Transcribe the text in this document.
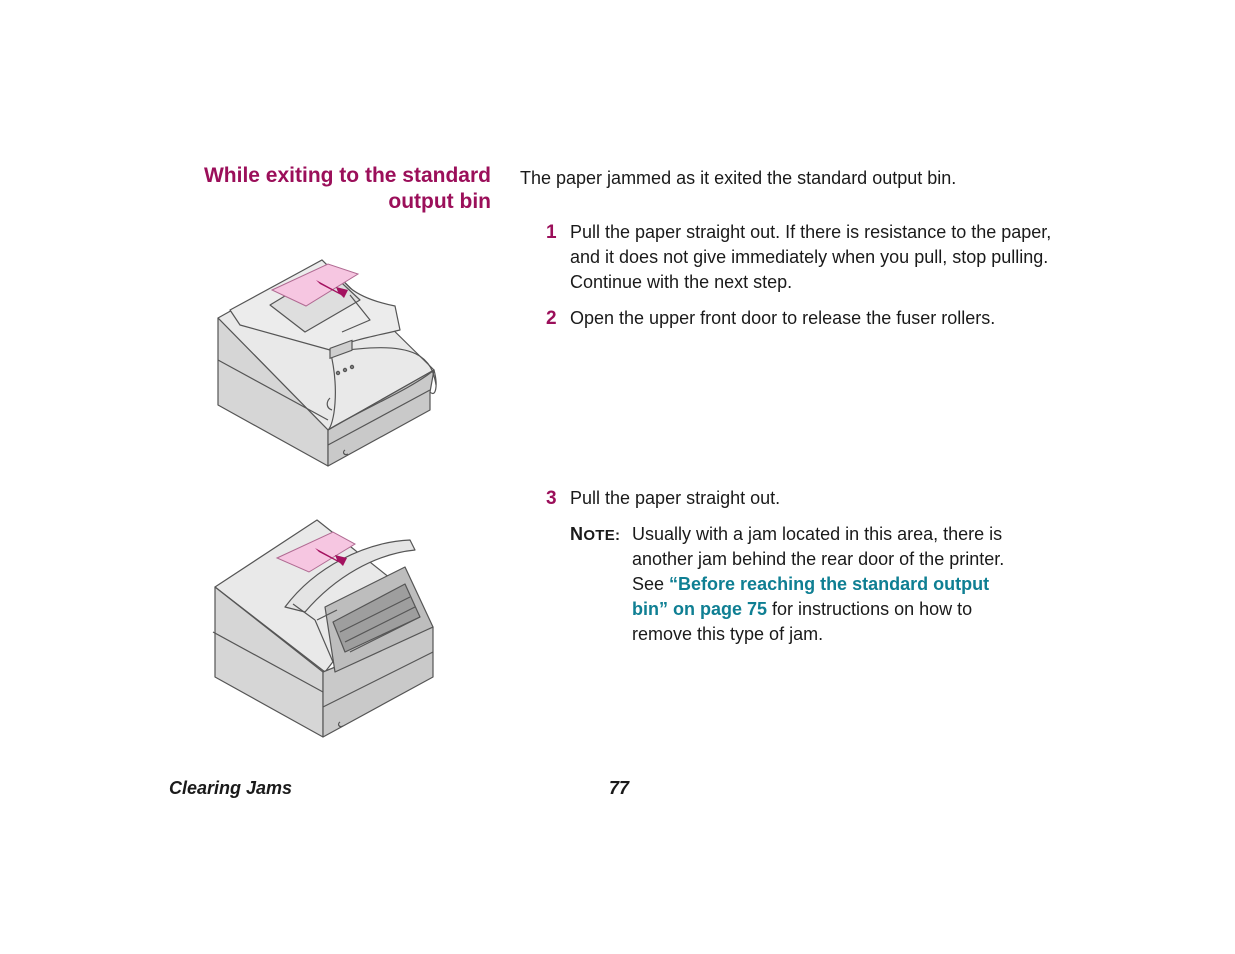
While exiting to the standard
output bin
The paper jammed as it exited the standard output bin.
1 Pull the paper straight out. If there is resistance to the paper,
and it does not give immediately when you pull, stop pulling.
Continue with the next step.
2 Open the upper front door to release the fuser rollers.
3 Pull the paper straight out.
NOTE: Usually with a jam located in this area, there is
another jam behind the rear door of the printer.
See “Before reaching the standard output
bin” on page 75 for instructions on how to
remove this type of jam.
Clearing Jams	77
